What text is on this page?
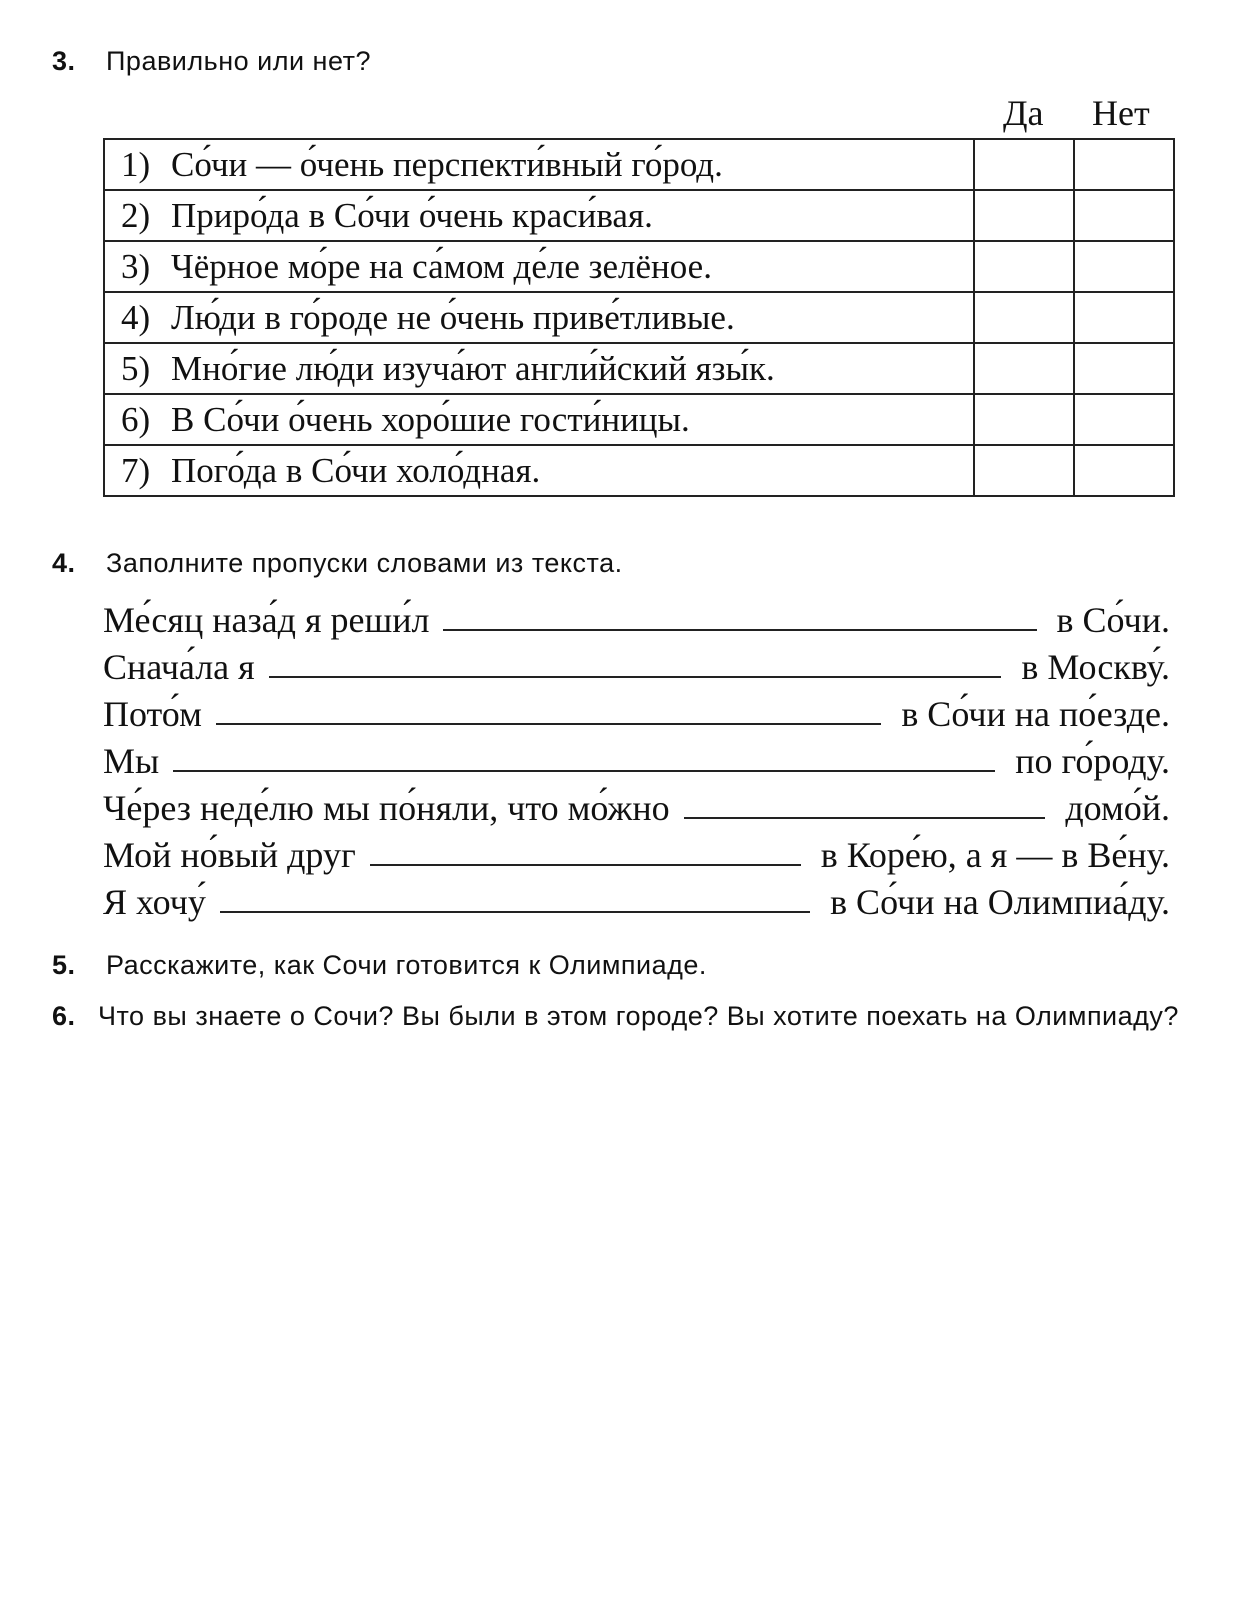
3. Правильно или нет?
Да Нет
1) Со́чи — о́чень перспекти́вный го́род.		
2) Приро́да в Со́чи о́чень краси́вая.		
3) Чёрное мо́ре на са́мом де́ле зелёное.		
4) Лю́ди в го́роде не о́чень приве́тливые.		
5) Мно́гие лю́ди изуча́ют англи́йский язы́к.		
6) В Со́чи о́чень хоро́шие гости́ницы.		
7) Пого́да в Со́чи холо́дная.		
4. Заполните пропуски словами из текста.
Ме́сяц наза́д я реши́л	в Со́чи.
Снача́ла я	в Москву́.
Пото́м	в Со́чи на по́езде.
Мы	по го́роду.
Че́рез неде́лю мы по́няли, что мо́жно	домо́й.
Мой но́вый друг	в Коре́ю, а я — в Ве́ну.
Я хочу́	в Со́чи на Олимпиа́ду.
5. Расскажите, как Сочи готовится к Олимпиаде.
6. Что вы знаете о Сочи? Вы были в этом городе? Вы хотите поехать на Олимпиаду?
